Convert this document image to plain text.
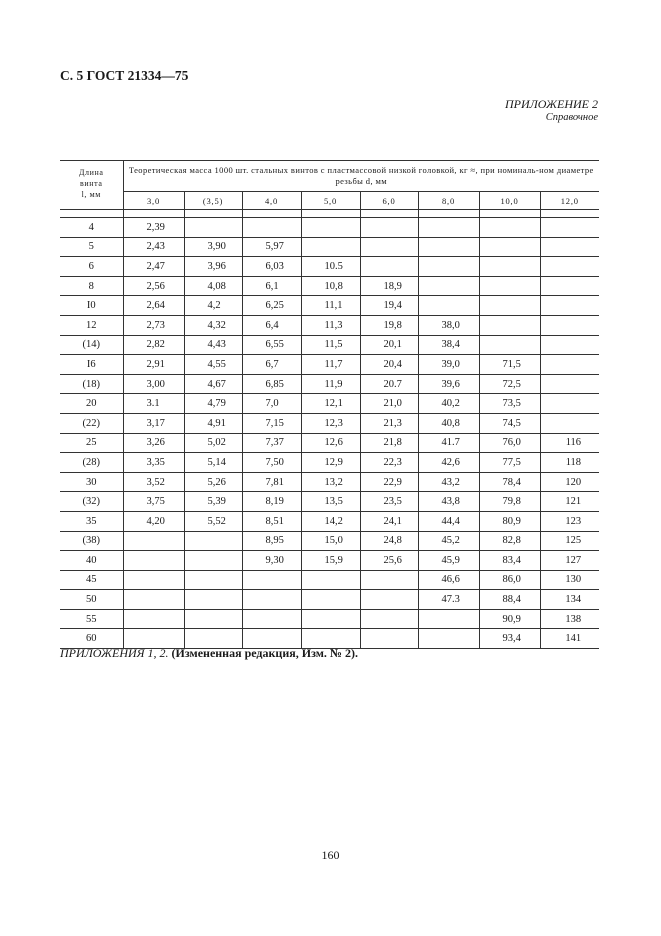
С. 5 ГОСТ 21334—75
ПРИЛОЖЕНИЕ 2
Справочное
Длина
винта
l, мм	Теоретическая масса 1000 шт. стальных винтов с пластмассовой низкой головкой, кг ≈, при номиналь-ном диаметре резьбы d, мм							
	3,0	(3,5)	4,0	5,0	6,0	8,0	10,0	12,0

4	2,39							
5	2,43	3,90	5,97					
6	2,47	3,96	6,03	10.5				
8	2,56	4,08	6,1	10,8	18,9			
I0	2,64	4,2	6,25	11,1	19,4			
12	2,73	4,32	6,4	11,3	19,8	38,0		
(14)	2,82	4,43	6,55	11,5	20,1	38,4		
I6	2,91	4,55	6,7	11,7	20,4	39,0	71,5	
(18)	3,00	4,67	6,85	11,9	20.7	39,6	72,5	
20	3.1	4,79	7,0	12,1	21,0	40,2	73,5	
(22)	3,17	4,91	7,15	12,3	21,3	40,8	74,5	
25	3,26	5,02	7,37	12,6	21,8	41.7	76,0	116
(28)	3,35	5,14	7,50	12,9	22,3	42,6	77,5	118
30	3,52	5,26	7,81	13,2	22,9	43,2	78,4	120
(32)	3,75	5,39	8,19	13,5	23,5	43,8	79,8	121
35	4,20	5,52	8,51	14,2	24,1	44,4	80,9	123
(38)			8,95	15,0	24,8	45,2	82,8	125
40			9,30	15,9	25,6	45,9	83,4	127
45						46,6	86,0	130
50						47.3	88,4	134
55							90,9	138
60							93,4	141
ПРИЛОЖЕНИЯ 1, 2. (Измененная редакция, Изм. № 2).
160
